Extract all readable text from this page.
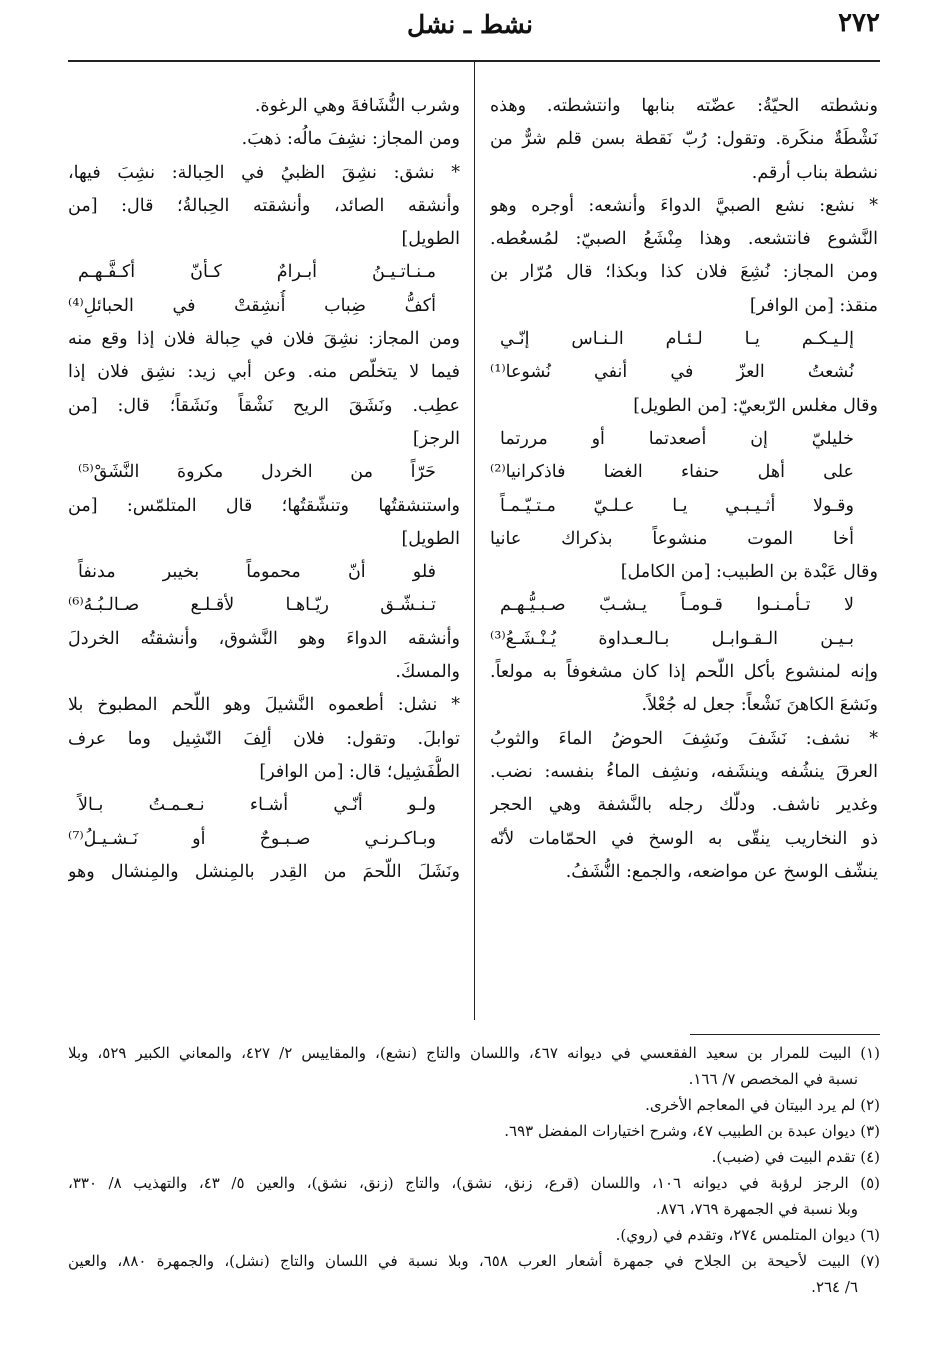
٢٧٢
نشط ـ نشل
ونشطته الحيّةُ: عضّته بنابها وانتشطته. وهذه
نَشْطَةٌ منكَرة. وتقول: رُبّ نَقطة بسن قلم شرٌّ من
نشطة بناب أرقم.
* نشع: نشع الصبيَّ الدواءَ وأنشعه: أوجره وهو
النَّشوع فانتشعه. وهذا مِنْشَعُ الصبيّ: لمُسعُطه.
ومن المجاز: نُشِعَ فلان كذا وبكذا؛ قال مُرّار بن
منقذ: [من الوافر]
إلـيـكـم يـا لـئـام الـنـاس إنّـي
نُشعتُ العزّ في أنفي نُشوعا⁽¹⁾
وقال مغلس الرّبعيّ: [من الطويل]
خليليّ إن أصعدتما أو مررتما
على أهل حنفاء الغضا فاذكرانيا⁽²⁾
وقـولا أثـيـبـي يـا عـلـيّ مـتـيّـمـاً
أخا الموت منشوعاً بذكراك عانيا
وقال عَبْدة بن الطبيب: [من الكامل]
لا تـأمـنـوا قـومـاً يـشـبّ صـبـيُّـهـم
بـيـن الـقـوابـل بـالـعـداوة يُـنْـشَـعُ⁽³⁾
وإنه لمنشوع بأكل اللّحم إذا كان مشغوفاً به مولعاً.
ونَشعَ الكاهنَ نَشْعاً: جعل له جُعْلاً.
* نشف: نَشَفَ ونَشِفَ الحوضُ الماءَ والثوبُ
العرقَ ينشُفه وينشَفه، ونشِف الماءُ بنفسه: نضب.
وغدير ناشف. ودلّك رجله بالنَّشفة وهي الحجر
ذو النخاريب ينقّى به الوسخ في الحمّامات لأنّه
ينشّف الوسخ عن مواضعه، والجمع: النُّشَفُ.
وشرب النُّشَافةَ وهي الرغوة.
ومن المجاز: نشِفَ مالُه: ذهبَ.
* نشق: نشِقَ الظبيُ في الحِبالة: نشِبَ فيها،
وأنشقه الصائد، وأنشقته الحِبالةُ؛ قال: [من
الطويل]
مـنـاتـيـنُ أبـرامٌ كـأنّ أكـفَّـهـم
أكفُّ ضِباب أُنشِقتْ في الحبائلِ⁽⁴⁾
ومن المجاز: نشِقَ فلان في حِبالة فلان إذا وقع منه
فيما لا يتخلّص منه. وعن أبي زيد: نشِق فلان إذا
عطِب. ونَشَقَ الريح نَشْقاً ونَشَقاً؛ قال: [من
الرجز]
حَرّاً من الخردل مكروهَ النَّشَقْ⁽⁵⁾
واستنشقتُها وتنشّقتُها؛ قال المتلمّس: [من
الطويل]
فلو أنّ محموماً بخيبر مدنفاً
تـنـشّـق ريّـاهـا لأقـلـع صـالـبُـهُ⁽⁶⁾
وأنشقه الدواءَ وهو النَّشوق، وأنشقتُه الخردلَ
والمسكَ.
* نشل: أطعموه النَّشيلَ وهو اللّحم المطبوخ بلا
توابلَ. وتقول: فلان ألِفَ النّشِيل وما عرف
الطُّفَشِيل؛ قال: [من الوافر]
ولـو أنّـي أشـاء نـعـمـتُ بـالاً
وبـاكـرنـي صـبـوحٌ أو نَـشـيـلُ⁽⁷⁾
ونَشَلَ اللّحمَ من القِدر بالمِنشل والمِنشال وهو
(١) البيت للمرار بن سعيد الفقعسي في ديوانه ٤٦٧، واللسان والتاج (نشع)، والمقاييس ٢/ ٤٢٧، والمعاني الكبير ٥٢٩، وبلا
نسبة في المخصص ٧/ ١٦٦.
(٢) لم يرد البيتان في المعاجم الأخرى.
(٣) ديوان عبدة بن الطبيب ٤٧، وشرح اختيارات المفضل ٦٩٣.
(٤) تقدم البيت في (ضبب).
(٥) الرجز لرؤبة في ديوانه ١٠٦، واللسان (قرع، زنق، نشق)، والتاج (زنق، نشق)، والعين ٥/ ٤٣، والتهذيب ٨/ ٣٣٠،
وبلا نسبة في الجمهرة ٧٦٩، ٨٧٦.
(٦) ديوان المتلمس ٢٧٤، وتقدم في (روي).
(٧) البيت لأحيحة بن الجلاح في جمهرة أشعار العرب ٦٥٨، وبلا نسبة في اللسان والتاج (نشل)، والجمهرة ٨٨٠، والعين
٦/ ٢٦٤.
